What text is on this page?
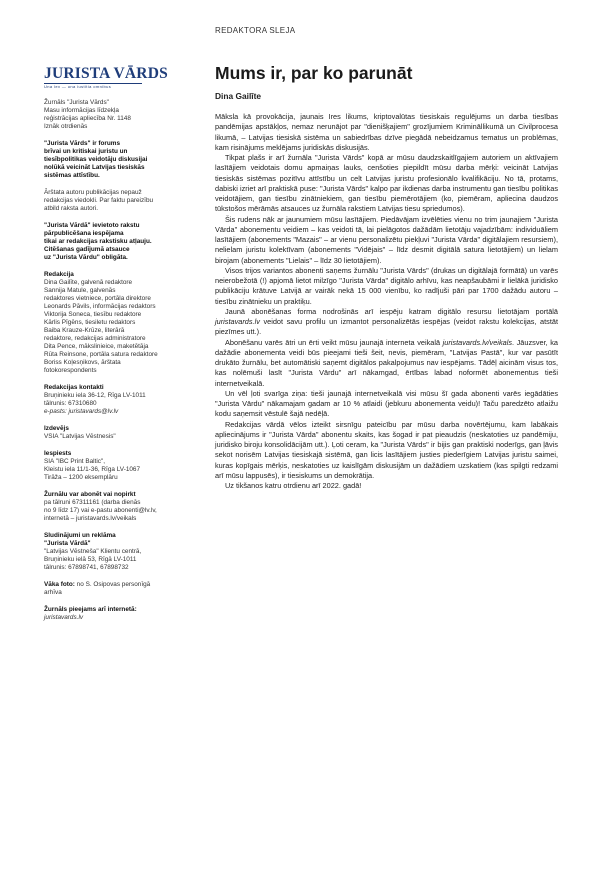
REDAKTORA SLEJA
JURISTA VĀRDS
Una lex — una iustitia omnibus
Žurnāls "Jurista Vārds"
Masu informācijas līdzekļa
reģistrācijas apliecība Nr. 1148
Iznāk otrdienās
"Jurista Vārds" ir forums
brīvai un kritiskai juristu un
tiesībpolitikas veidotāju diskusijai
nolūkā veicināt Latvijas tiesiskās
sistēmas attīstību.
Ārštata autoru publikācijas nepauž
redakcijas viedokli. Par faktu pareizību
atbild raksta autori.
"Jurista Vārdā" ievietoto rakstu
pārpublicēšana iespējama
tikai ar redakcijas rakstisku atļauju.
Citēšanas gadījumā atsauce
uz "Jurista Vārdu" obligāta.
Redakcija
Dina Gailīte, galvenā redaktore
Sannija Matule, galvenās
redaktores vietniece, portāla direktore
Leonards Pāvils, informācijas redaktors
Viktorija Soneca, tiesību redaktore
Kārlis Pīgēns, tiesiletu redaktors
Baiba Krauze-Krūze, literārā
redaktore, redakcijas administratore
Dita Pence, mākslinieice, maketētāja
Rūta Reinsone, portāla satura redaktore
Boriss Koļesņikovs, ārštata
fotokorespondents
Redakcijas kontakti
Bruņinieku iela 36-12, Rīga LV-1011
tālrunis: 67310680
e-pasts: juristavards@lv.lv
Izdevējs
VSIA "Latvijas Vēstnesis"
Iespiests
SIA "IBC Print Baltic",
Kleistu iela 11/1-36, Rīga LV-1067
Tirāža – 1200 eksemplāru
Žurnālu var abonēt vai nopirkt
pa tālruni 67311161 (darba dienās
no 9 līdz 17) vai e-pastu abonenti@lv.lv,
internetā – juristavards.lv/veikals
Sludinājumi un reklāma
"Jurista Vārdā"
"Latvijas Vēstneša" Klientu centrā,
Bruņinieku ielā 53, Rīgā LV-1011
tālrunis: 67898741, 67898732
Vāka foto: no S. Osipovas personīgā
arhīva
Žurnāls pieejams arī internetā:
juristavards.lv
Mums ir, par ko parunāt
Dina Gailīte

Māksla kā provokācija, jaunais Ires likums, kriptovalūtas tiesiskais regulējums un darba tiesības pandēmijas apstākļos, nemaz nerunājot par "dienišķajiem" grozījumiem Krimināllikumā un Civilprocesa likumā, – Latvijas tiesiskā sistēma un sabiedrības dzīve piegādā nebeidzamus tematus un problēmas, kam risinājums meklējams juridiskās diskusijās.

Tikpat plašs ir arī žurnāla "Jurista Vārds" kopā ar mūsu daudzskaitlīgajiem autoriem un aktīvajiem lasītājiem veidotais domu apmaiņas lauks, cenšoties piepildīt mūsu darba mērķi: veicināt Latvijas tiesiskās sistēmas pozitīvu attīstību un celt Latvijas juristu profesionālo kvalifikāciju. No tā, protams, dabiski izriet arī praktiskā puse: "Jurista Vārds" kalpo par ikdienas darba instrumentu gan tiesību politikas veidotājiem, gan tiesību zinātniekiem, gan tiesību piemērotājiem (ko, piemēram, apliecina daudzos tūkstošos mērāmās atsauces uz žurnāla rakstiem Latvijas tiesu spriedumos).

Šis rudens nāk ar jaunumiem mūsu lasītājiem. Piedāvājam izvēlēties vienu no trim jaunajiem "Jurista Vārda" abonementu veidiem – kas veidoti tā, lai pielāgotos dažādām lietotāju vajadzībām: individuāliem lasītājiem (abonements "Mazais" – ar vienu personalizētu piekļuvi "Jurista Vārda" digitālajiem resursiem), nelielam juristu kolektīvam (abonements "Vidējais" – līdz desmit digitālā satura lietotājiem) un lielam birojam (abonements "Lielais" – līdz 30 lietotājiem).

Visos trijos variantos abonenti saņems žurnālu "Jurista Vārds" (drukas un digitālajā formātā) un varēs neierobežotā (!) apjomā lietot milzīgo "Jurista Vārda" digitālo arhīvu, kas neapšaubāmi ir lielākā juridisko publikāciju krātuve Latvijā ar vairāk nekā 15 000 vienību, ko radījuši pāri par 1700 dažādu autoru – tiesību zinātnieku un praktiķu.

Jaunā abonēšanas forma nodrošinās arī iespēju katram digitālo resursu lietotājam portālā juristavards.lv veidot savu profilu un izmantot personalizētās iespējas (veidot rakstu kolekcijas, atstāt piezīmes utt.).

Abonēšanu varēs ātri un ērti veikt mūsu jaunajā interneta veikalā juristavards.lv/veikals. Jāuzsver, ka dažādie abonementa veidi būs pieejami tieši šeit, nevis, piemēram, "Latvijas Pastā", kur var pasūtīt drukāto žurnālu, bet automātiski saņemt digitālos pakalpojumus nav iespējams. Tādēļ aicinām visus tos, kas nolēmuši lasīt "Jurista Vārdu" arī nākamgad, ērtības labad noformēt abonementus tieši internetveikalā.

Un vēl ļoti svarīga ziņa: tieši jaunajā internetveikalā visi mūsu šī gada abonenti varēs iegādāties "Jurista Vārdu" nākamajam gadam ar 10 % atlaidi (jebkuru abonementa veidu)! Taču paredzēto atlaižu kodu saņemsit vēstulē šajā nedēļā.

Redakcijas vārdā vēlos izteikt sirsnīgu pateicību par mūsu darba novērtējumu, kam labākais apliecinājums ir "Jurista Vārda" abonentu skaits, kas šogad ir pat pieaudzis (neskatoties uz pandēmiju, juridisko biroju konsolidācijām utt.). Ļoti ceram, ka "Jurista Vārds" ir bijis gan praktiski noderīgs, gan ļāvis sekot norisēm Latvijas tiesiskajā sistēmā, gan licis lasītājiem justies piederīgiem Latvijas juristu saimei, kuras kopīgais mērķis, neskatoties uz kaislīgām diskusijām un dažādiem uzskatiem (kas spilgti redzami arī mūsu lappusēs), ir tiesiskums un demokrātija.

Uz tikšanos katru otrdienu arī 2022. gadā!
